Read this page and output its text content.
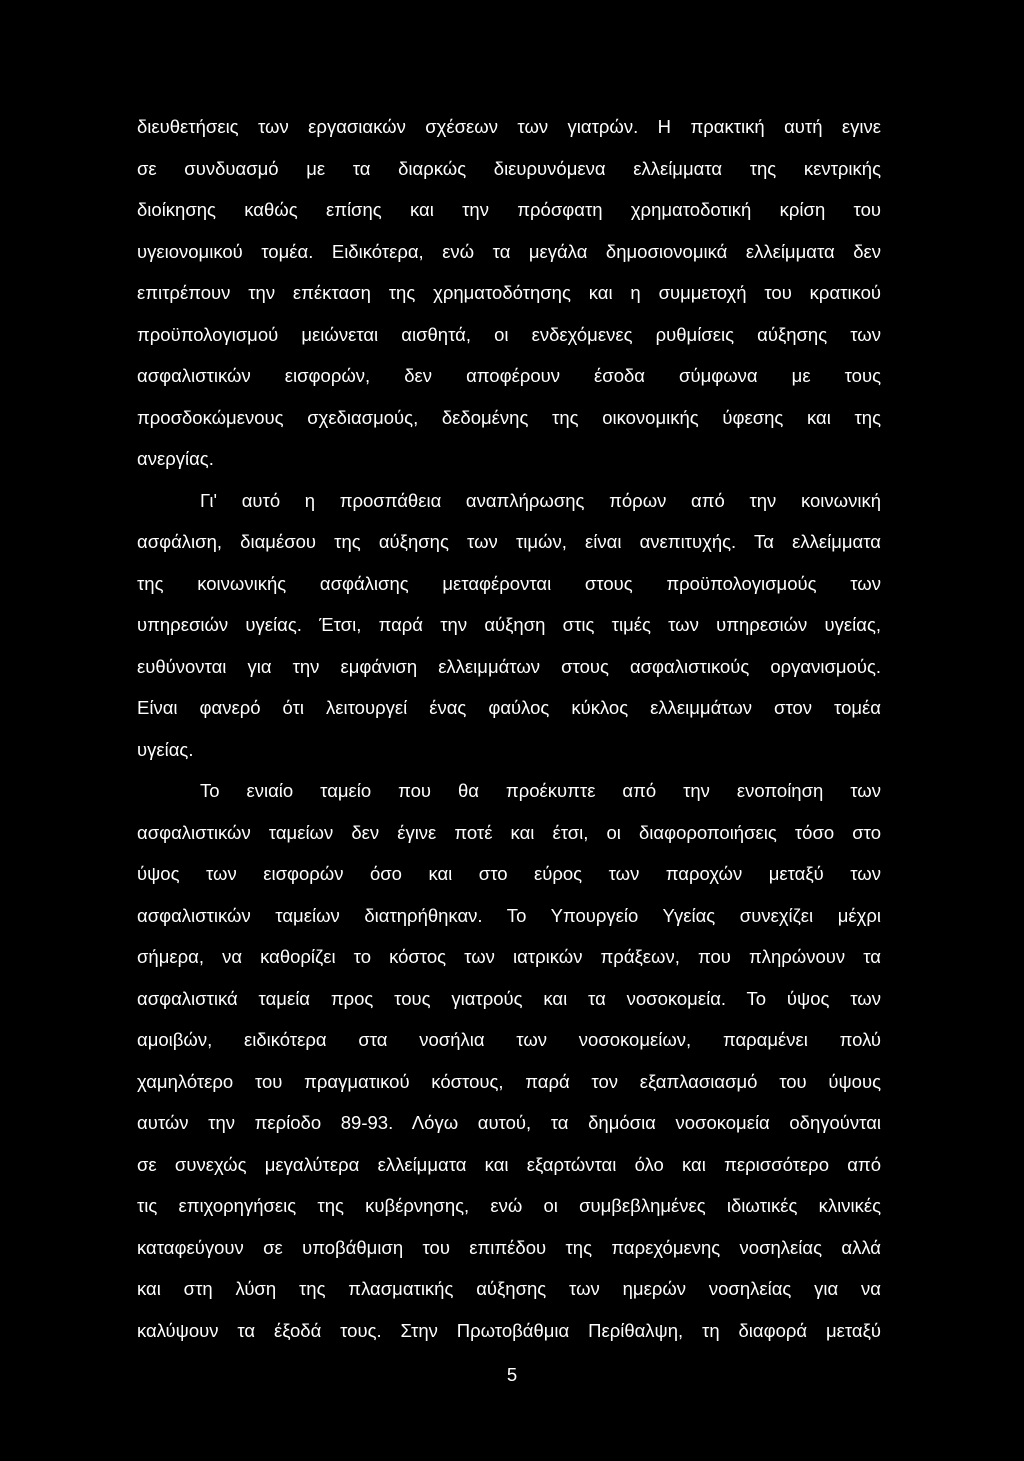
διευθετήσεις των εργασιακών σχέσεων των γιατρών. Η πρακτική αυτή εγινε
σε συνδυασμό με τα διαρκώς διευρυνόμενα ελλείμματα της κεντρικής
διοίκησης καθώς επίσης και την πρόσφατη χρηματοδοτική κρίση του
υγειονομικού τομέα. Ειδικότερα, ενώ τα μεγάλα δημοσιονομικά ελλείμματα δεν
επιτρέπουν την επέκταση της χρηματοδότησης και η συμμετοχή του κρατικού
προϋπολογισμού μειώνεται αισθητά, οι ενδεχόμενες ρυθμίσεις αύξησης των
ασφαλιστικών εισφορών, δεν αποφέρουν έσοδα σύμφωνα με τους
προσδοκώμενους σχεδιασμούς, δεδομένης της οικονομικής ύφεσης και της
ανεργίας.
Γι' αυτό η προσπάθεια αναπλήρωσης πόρων από την κοινωνική
ασφάλιση, διαμέσου της αύξησης των τιμών, είναι ανεπιτυχής. Τα ελλείμματα
της κοινωνικής ασφάλισης μεταφέρονται στους προϋπολογισμούς των
υπηρεσιών υγείας. Έτσι, παρά την αύξηση στις τιμές των υπηρεσιών υγείας,
ευθύνονται για την εμφάνιση ελλειμμάτων στους ασφαλιστικούς οργανισμούς.
Είναι φανερό ότι λειτουργεί ένας φαύλος κύκλος ελλειμμάτων στον τομέα
υγείας.
Το ενιαίο ταμείο που θα προέκυπτε από την ενοποίηση των
ασφαλιστικών ταμείων δεν έγινε ποτέ και έτσι, οι διαφοροποιήσεις τόσο στο
ύψος των εισφορών όσο και στο εύρος των παροχών μεταξύ των
ασφαλιστικών ταμείων διατηρήθηκαν. Το Υπουργείο Υγείας συνεχίζει μέχρι
σήμερα, να καθορίζει το κόστος των ιατρικών πράξεων, που πληρώνουν τα
ασφαλιστικά ταμεία προς τους γιατρούς και τα νοσοκομεία. Το ύψος των
αμοιβών, ειδικότερα στα νοσήλια των νοσοκομείων, παραμένει πολύ
χαμηλότερο του πραγματικού κόστους, παρά τον εξαπλασιασμό του ύψους
αυτών την περίοδο 89-93. Λόγω αυτού, τα δημόσια νοσοκομεία οδηγούνται
σε συνεχώς μεγαλύτερα ελλείμματα και εξαρτώνται όλο και περισσότερο από
τις επιχορηγήσεις της κυβέρνησης, ενώ οι συμβεβλημένες ιδιωτικές κλινικές
καταφεύγουν σε υποβάθμιση του επιπέδου της παρεχόμενης νοσηλείας αλλά
και στη λύση της πλασματικής αύξησης των ημερών νοσηλείας για να
καλύψουν τα έξοδά τους. Στην Πρωτοβάθμια Περίθαλψη, τη διαφορά μεταξύ
5
